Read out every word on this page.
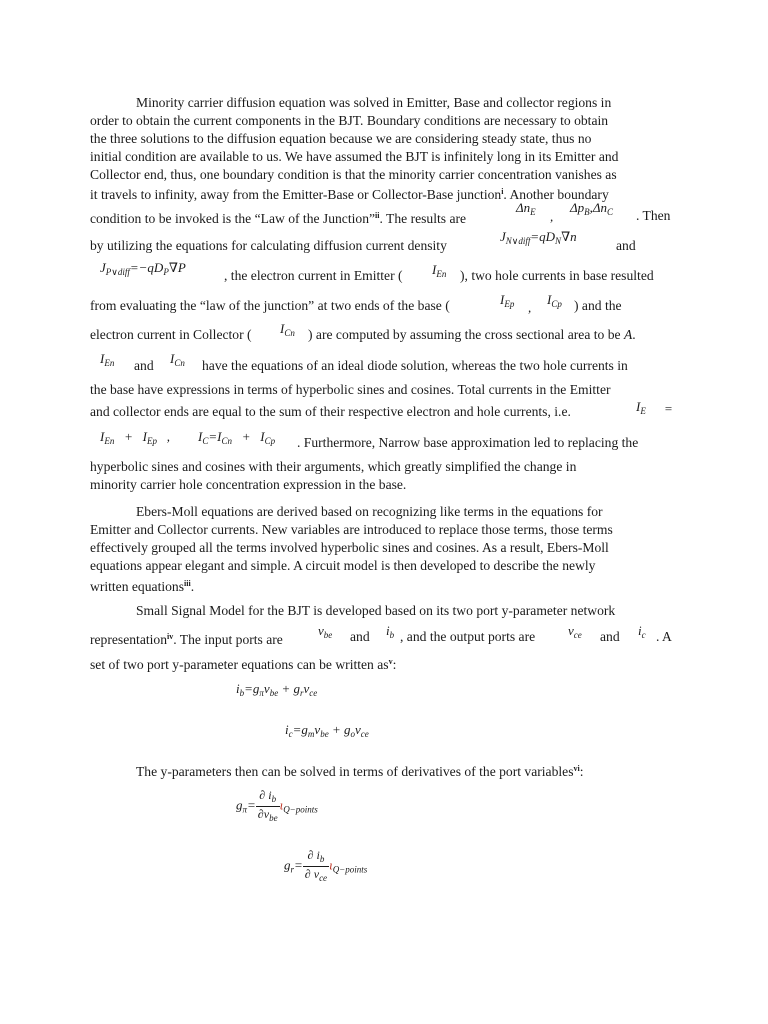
Minority carrier diffusion equation was solved in Emitter, Base and collector regions in
order to obtain the current components in the BJT. Boundary conditions are necessary to obtain
the three solutions to the diffusion equation because we are considering steady state, thus no
initial condition are available to us. We have assumed the BJT is infinitely long in its Emitter and
Collector end, thus, one boundary condition is that the minority carrier concentration vanishes as
it travels to infinity, away from the Emitter-Base or Collector-Base junction$^i$. Another boundary
condition to be invoked is the “Law of the Junction”$^{ii}$. The results are
$\Delta n_E$ ,
$\Delta p_B,\Delta n_C$ . Then
by utilizing the equations for calculating diffusion current density
$J_{N\vee diff}=qD_N\nabla n$
and
$J_{P\vee diff}=-qD_P\nabla P$
, the electron current in Emitter ( $I_{En}$ ), two hole currents in base resulted
from evaluating the “law of the junction” at two ends of the base (	$I_{Ep}$ ,
$I_{Cp}$ ) and the
electron current in Collector ( $I_{Cn}$ ) are computed by assuming the cross sectional area to be A.
$I_{En}$ and $I_{Cn}$ have the equations of an ideal diode solution, whereas the two hole currents in
the base have expressions in terms of hyperbolic sines and cosines. Total currents in the Emitter
and collector ends are equal to the sum of their respective electron and hole currents, i.e.	$I_E$ =
$I_{En} + I_{Ep}$ , $I_C=I_{Cn} + I_{Cp}$ . Furthermore, Narrow base approximation led to replacing the
hyperbolic sines and cosines with their arguments, which greatly simplified the change in
minority carrier hole concentration expression in the base.
Ebers-Moll equations are derived based on recognizing like terms in the equations for
Emitter and Collector currents. New variables are introduced to replace those terms, those terms
effectively grouped all the terms involved hyperbolic sines and cosines. As a result, Ebers-Moll
equations appear elegant and simple. A circuit model is then developed to describe the newly
written equations$^{iii}$.
Small Signal Model for the BJT is developed based on its two port y-parameter network
representation$^{iv}$. The input ports are
$v_{be}$ and $i_b$ , and the output ports are	$v_{ce}$ and $i_c$ . A
set of two port y-parameter equations can be written $as^v$:
$i_b=g_\pi v_{be} + g_rv_{ce}$
$i_c=g_mv_{be} + g_ov_{ce}$
The y-parameters then can be solved in terms of derivatives of the port variables$^{vi}$:
$g_\pi= \frac{\partial i_b}{\partial v_{be}} \iota_{Q-points}$
$g_r= \frac{\partial i_b}{\partial v_{ce}} \iota_{Q-points}$
